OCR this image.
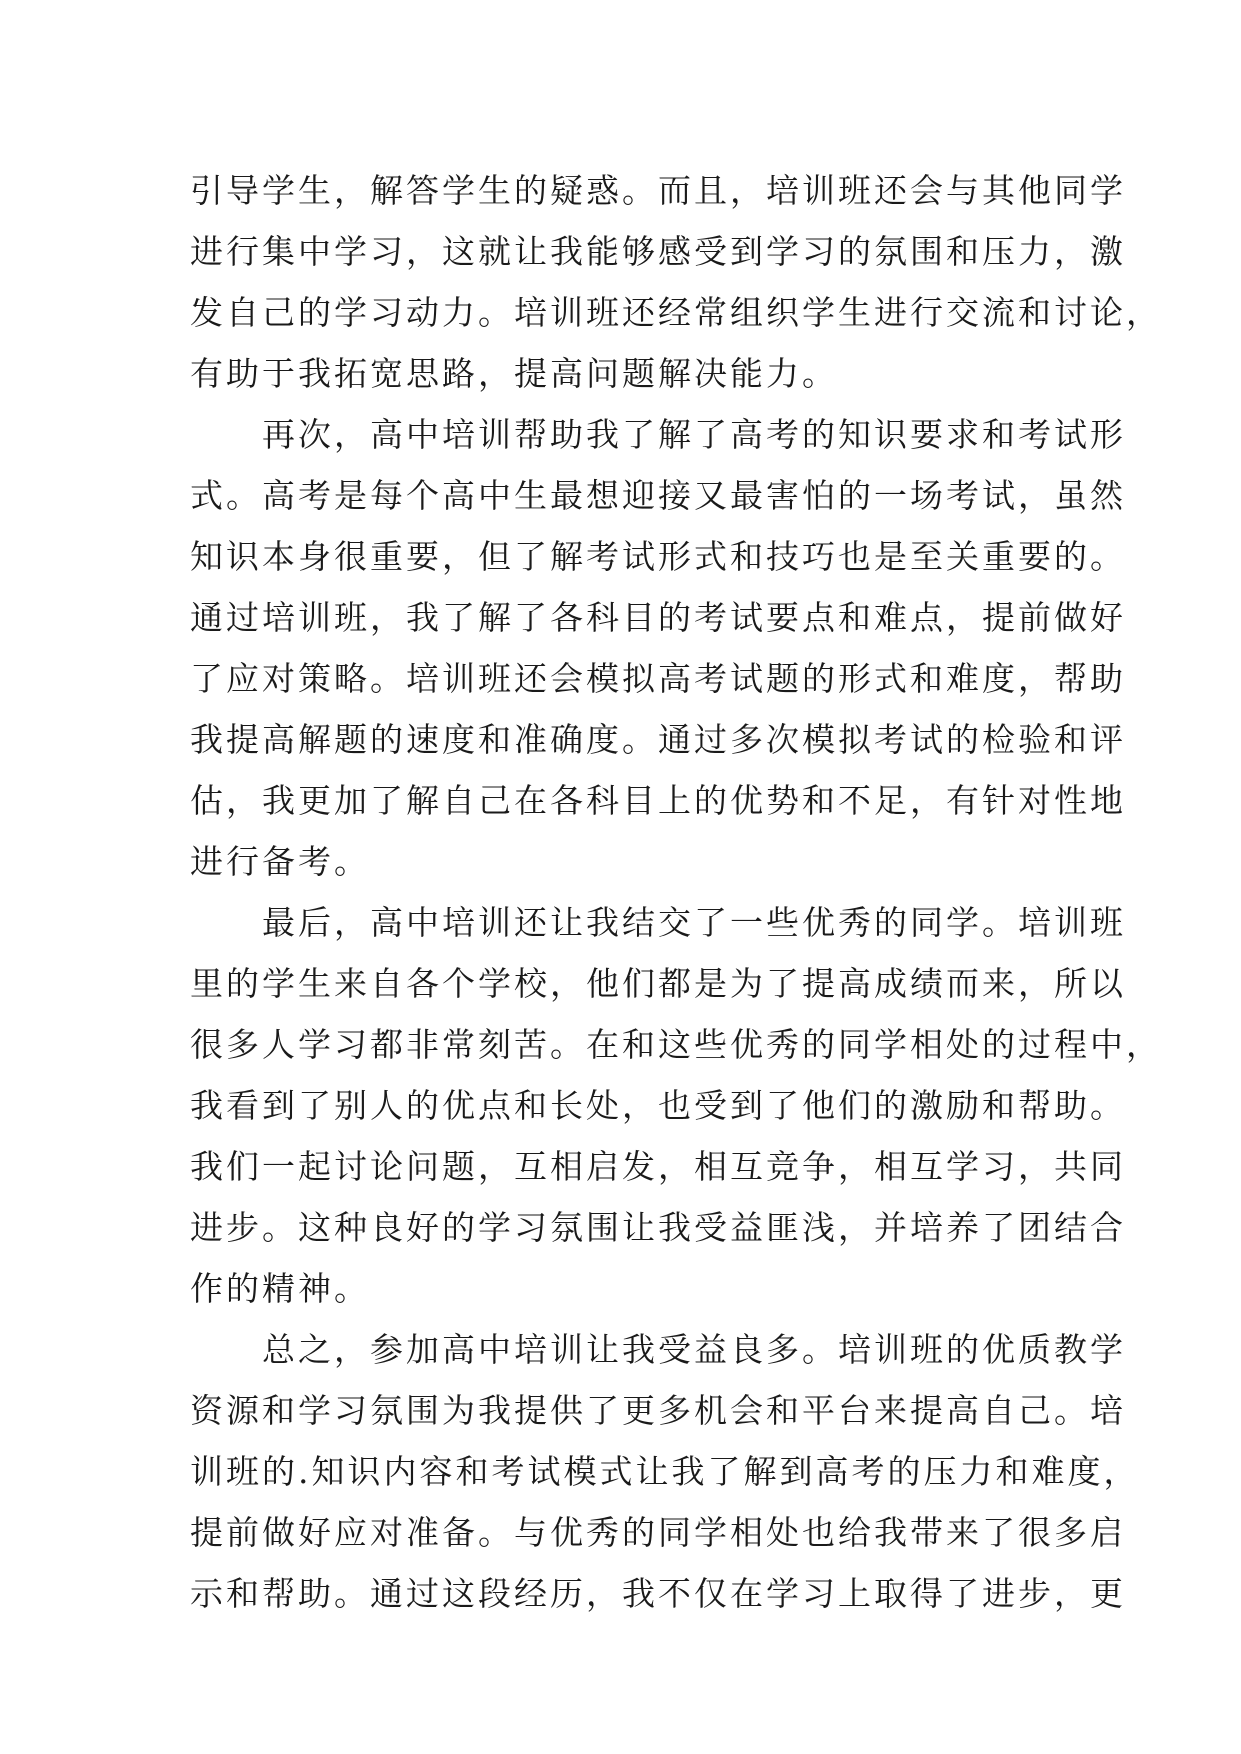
引导学生，解答学生的疑惑。而且，培训班还会与其他同学
进行集中学习，这就让我能够感受到学习的氛围和压力，激
发自己的学习动力。培训班还经常组织学生进行交流和讨论，
有助于我拓宽思路，提高问题解决能力。
再次，高中培训帮助我了解了高考的知识要求和考试形
式。高考是每个高中生最想迎接又最害怕的一场考试，虽然
知识本身很重要，但了解考试形式和技巧也是至关重要的。
通过培训班，我了解了各科目的考试要点和难点，提前做好
了应对策略。培训班还会模拟高考试题的形式和难度，帮助
我提高解题的速度和准确度。通过多次模拟考试的检验和评
估，我更加了解自己在各科目上的优势和不足，有针对性地
进行备考。
最后，高中培训还让我结交了一些优秀的同学。培训班
里的学生来自各个学校，他们都是为了提高成绩而来，所以
很多人学习都非常刻苦。在和这些优秀的同学相处的过程中，
我看到了别人的优点和长处，也受到了他们的激励和帮助。
我们一起讨论问题，互相启发，相互竞争，相互学习，共同
进步。这种良好的学习氛围让我受益匪浅，并培养了团结合
作的精神。
总之，参加高中培训让我受益良多。培训班的优质教学
资源和学习氛围为我提供了更多机会和平台来提高自己。培
训班的.知识内容和考试模式让我了解到高考的压力和难度，
提前做好应对准备。与优秀的同学相处也给我带来了很多启
示和帮助。通过这段经历，我不仅在学习上取得了进步，更
